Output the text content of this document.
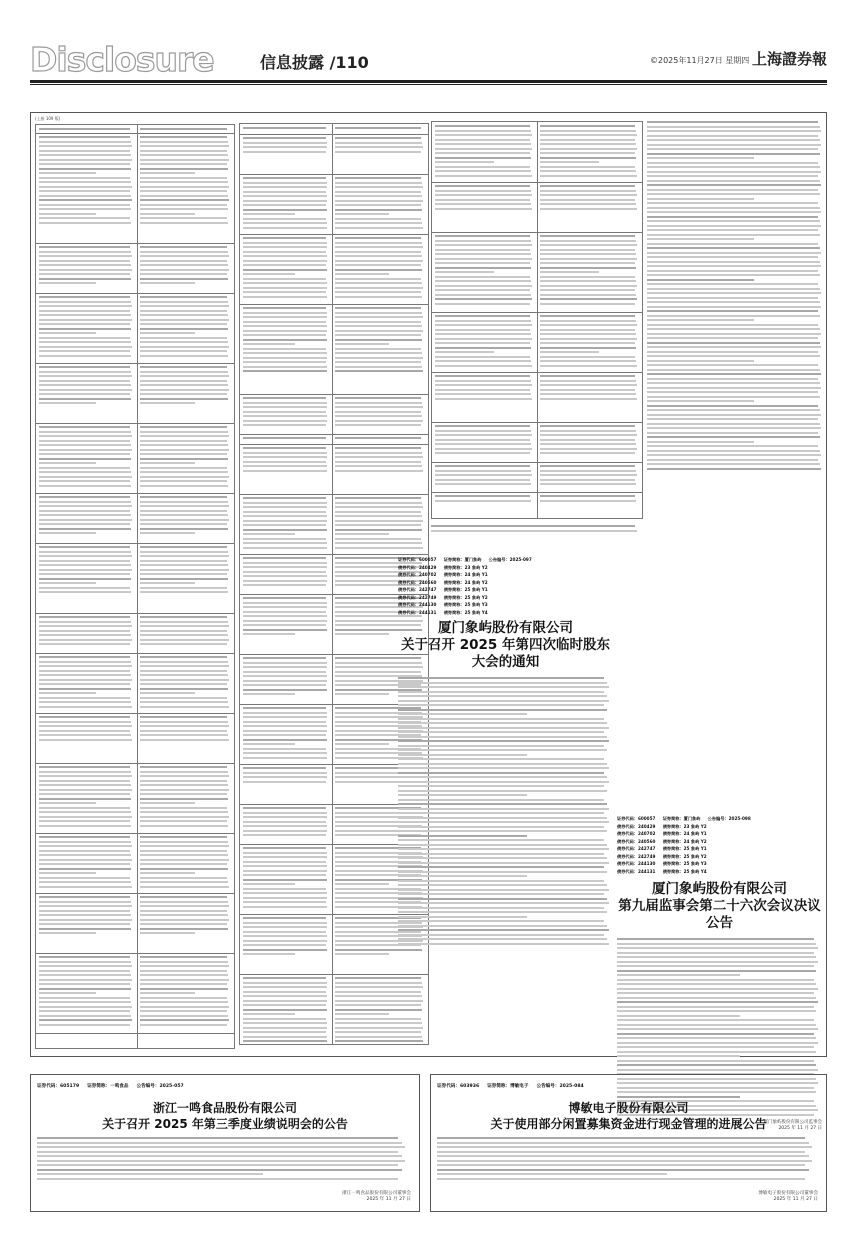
Disclosure	信息披露 /110	©2025年11月27日 星期四 上海證券報
(上接 109 版)
证券代码：600057     证券简称：厦门象屿     公告编号：2025-097
债券代码：240429     债券简称：23 象屿 Y2
债券代码：240702     债券简称：24 象屿 Y1
债券代码：240560     债券简称：24 象屿 Y2
债券代码：242747     债券简称：25 象屿 Y1
债券代码：242749     债券简称：25 象屿 Y2
债券代码：244130     债券简称：25 象屿 Y3
债券代码：244131     债券简称：25 象屿 Y4
厦门象屿股份有限公司
关于召开 2025 年第四次临时股东
大会的通知
证券代码：600057     证券简称：厦门象屿     公告编号：2025-098
债券代码：240429     债券简称：23 象屿 Y2
债券代码：240702     债券简称：24 象屿 Y1
债券代码：240560     债券简称：24 象屿 Y2
债券代码：242747     债券简称：25 象屿 Y1
债券代码：242749     债券简称：25 象屿 Y2
债券代码：244130     债券简称：25 象屿 Y3
债券代码：244131     债券简称：25 象屿 Y4
厦门象屿股份有限公司
第九届监事会第二十六次会议决议公告
厦门象屿股份有限公司监事会
2025 年 11 月 27 日
证券代码：605179     证券简称：一鸣食品     公告编号：2025-057
浙江一鸣食品股份有限公司
关于召开 2025 年第三季度业绩说明会的公告
浙江一鸣食品股份有限公司董事会
2025 年 11 月 27 日
证券代码：603936     证券简称：博敏电子     公告编号：2025-084
博敏电子股份有限公司
关于使用部分闲置募集资金进行现金管理的进展公告
博敏电子股份有限公司董事会
2025 年 11 月 27 日
